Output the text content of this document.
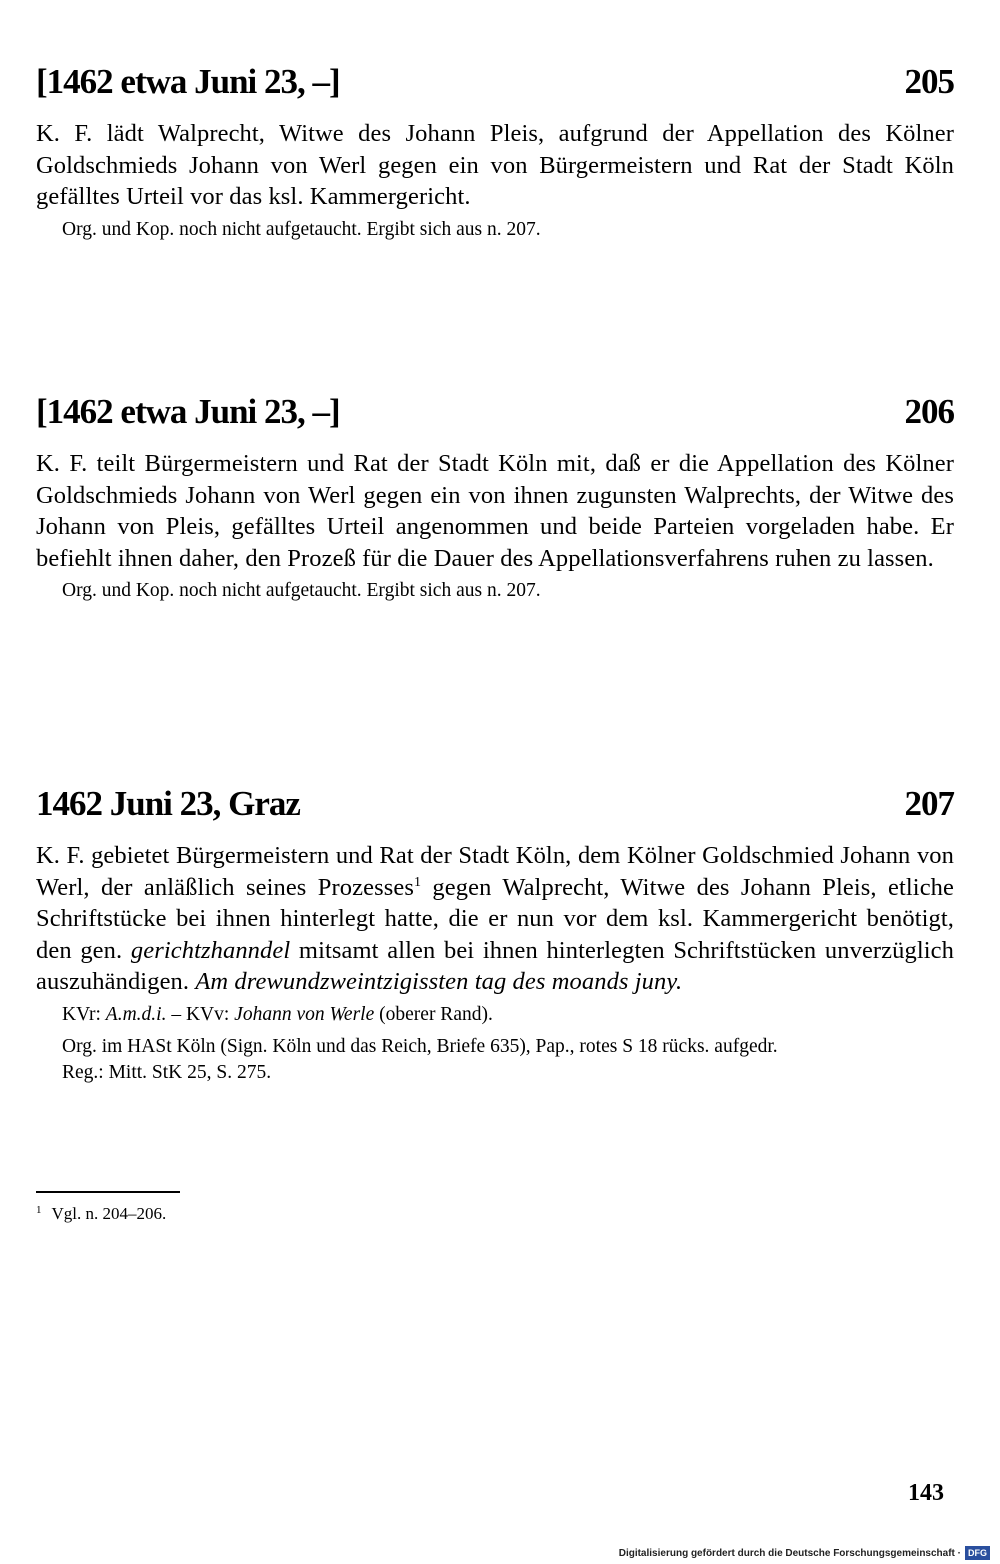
[1462 etwa Juni 23, –]	205

K. F. lädt Walprecht, Witwe des Johann Pleis, aufgrund der Appellation des Kölner Goldschmieds Johann von Werl gegen ein von Bürgermeistern und Rat der Stadt Köln gefälltes Urteil vor das ksl. Kammergericht.

Org. und Kop. noch nicht aufgetaucht. Ergibt sich aus n. 207.

[1462 etwa Juni 23, –]	206

K. F. teilt Bürgermeistern und Rat der Stadt Köln mit, daß er die Appellation des Kölner Goldschmieds Johann von Werl gegen ein von ihnen zugunsten Walprechts, der Witwe des Johann von Pleis, gefälltes Urteil angenommen und beide Parteien vorgeladen habe. Er befiehlt ihnen daher, den Prozeß für die Dauer des Appellationsverfahrens ruhen zu lassen.

Org. und Kop. noch nicht aufgetaucht. Ergibt sich aus n. 207.

1462 Juni 23, Graz	207

K. F. gebietet Bürgermeistern und Rat der Stadt Köln, dem Kölner Goldschmied Johann von Werl, der anläßlich seines Prozesses$^1$ gegen Walprecht, Witwe des Johann Pleis, etliche Schriftstücke bei ihnen hinterlegt hatte, die er nun vor dem ksl. Kammergericht benötigt, den gen. gerichtzhanndel mitsamt allen bei ihnen hinterlegten Schriftstücken unverzüglich auszuhändigen. Am drewundzweintzigissten tag des moands juny.

KVr: A.m.d.i. – KVv: Johann von Werle (oberer Rand).

Org. im HASt Köln (Sign. Köln und das Reich, Briefe 635), Pap., rotes S 18 rücks. aufgedr.

Reg.: Mitt. StK 25, S. 275.

$^1$ Vgl. n. 204–206.
143
Digitalisierung gefördert durch die Deutsche Forschungsgemeinschaft · DFG
